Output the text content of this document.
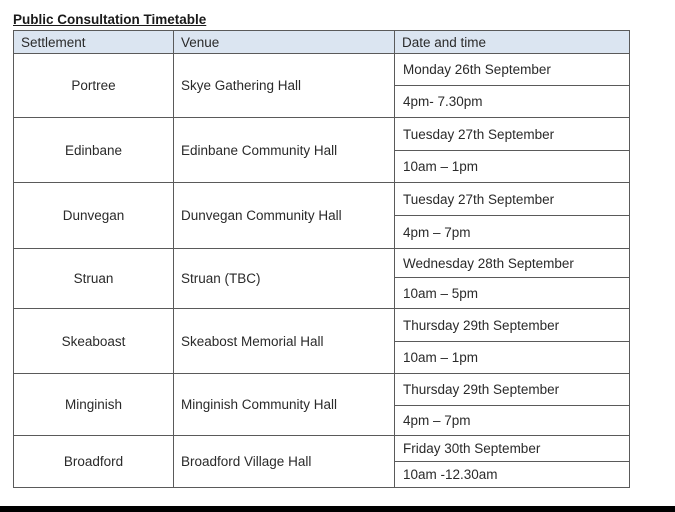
Public Consultation Timetable
Settlement	Venue	Date and time
Portree	Skye Gathering Hall	Monday 26th September
		4pm- 7.30pm
Edinbane	Edinbane Community Hall	Tuesday 27th September
		10am – 1pm
Dunvegan	Dunvegan Community Hall	Tuesday 27th September
		4pm – 7pm
Struan	Struan (TBC)	Wednesday 28th September
		10am – 5pm
Skeaboast	Skeabost Memorial Hall	Thursday 29th September
		10am – 1pm
Minginish	Minginish Community Hall	Thursday 29th September
		4pm – 7pm
Broadford	Broadford Village Hall	Friday 30th September
		10am -12.30am
